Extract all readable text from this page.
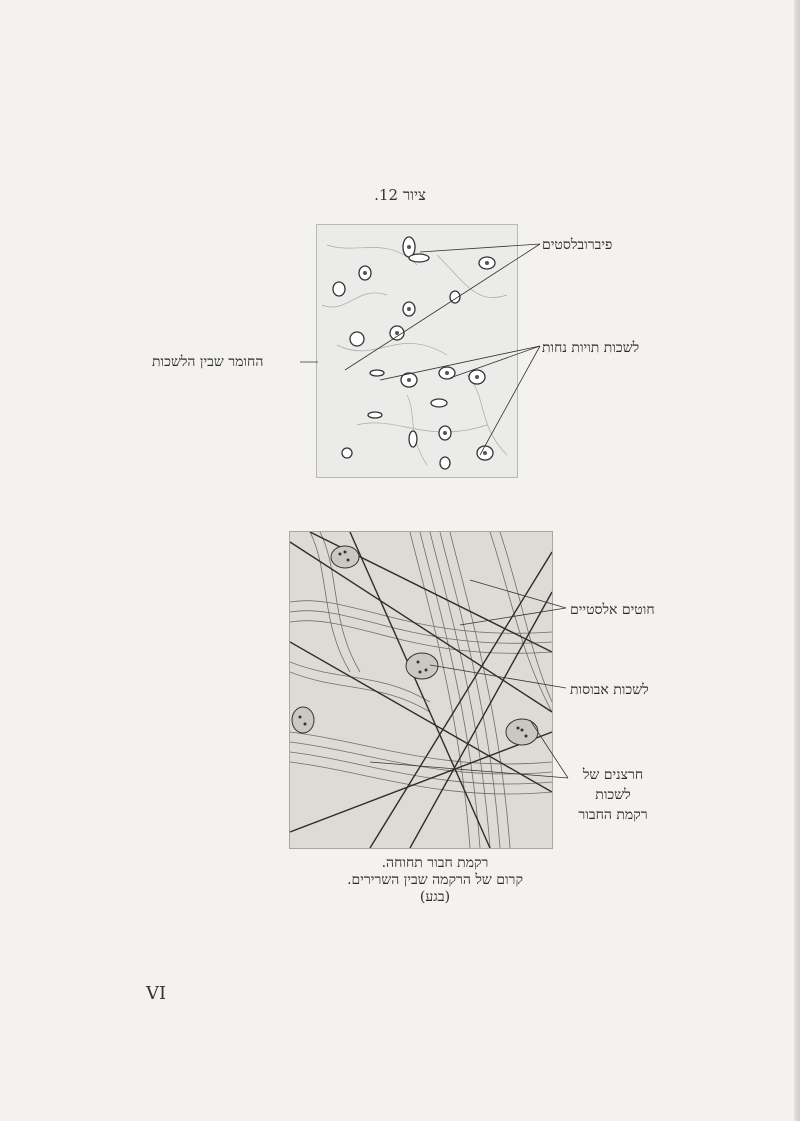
ציור 12.
פיברובלסטים
לשכות תויות נחות
החומר שבין הלשכות
חוטים אלסטיים
לשכות אבוסות
חרצנים של לשכות
רקמת החבור
רקמת חבור תחוחה.
קרום של הרקמה שבין השרירים.
(בגע)
VI
